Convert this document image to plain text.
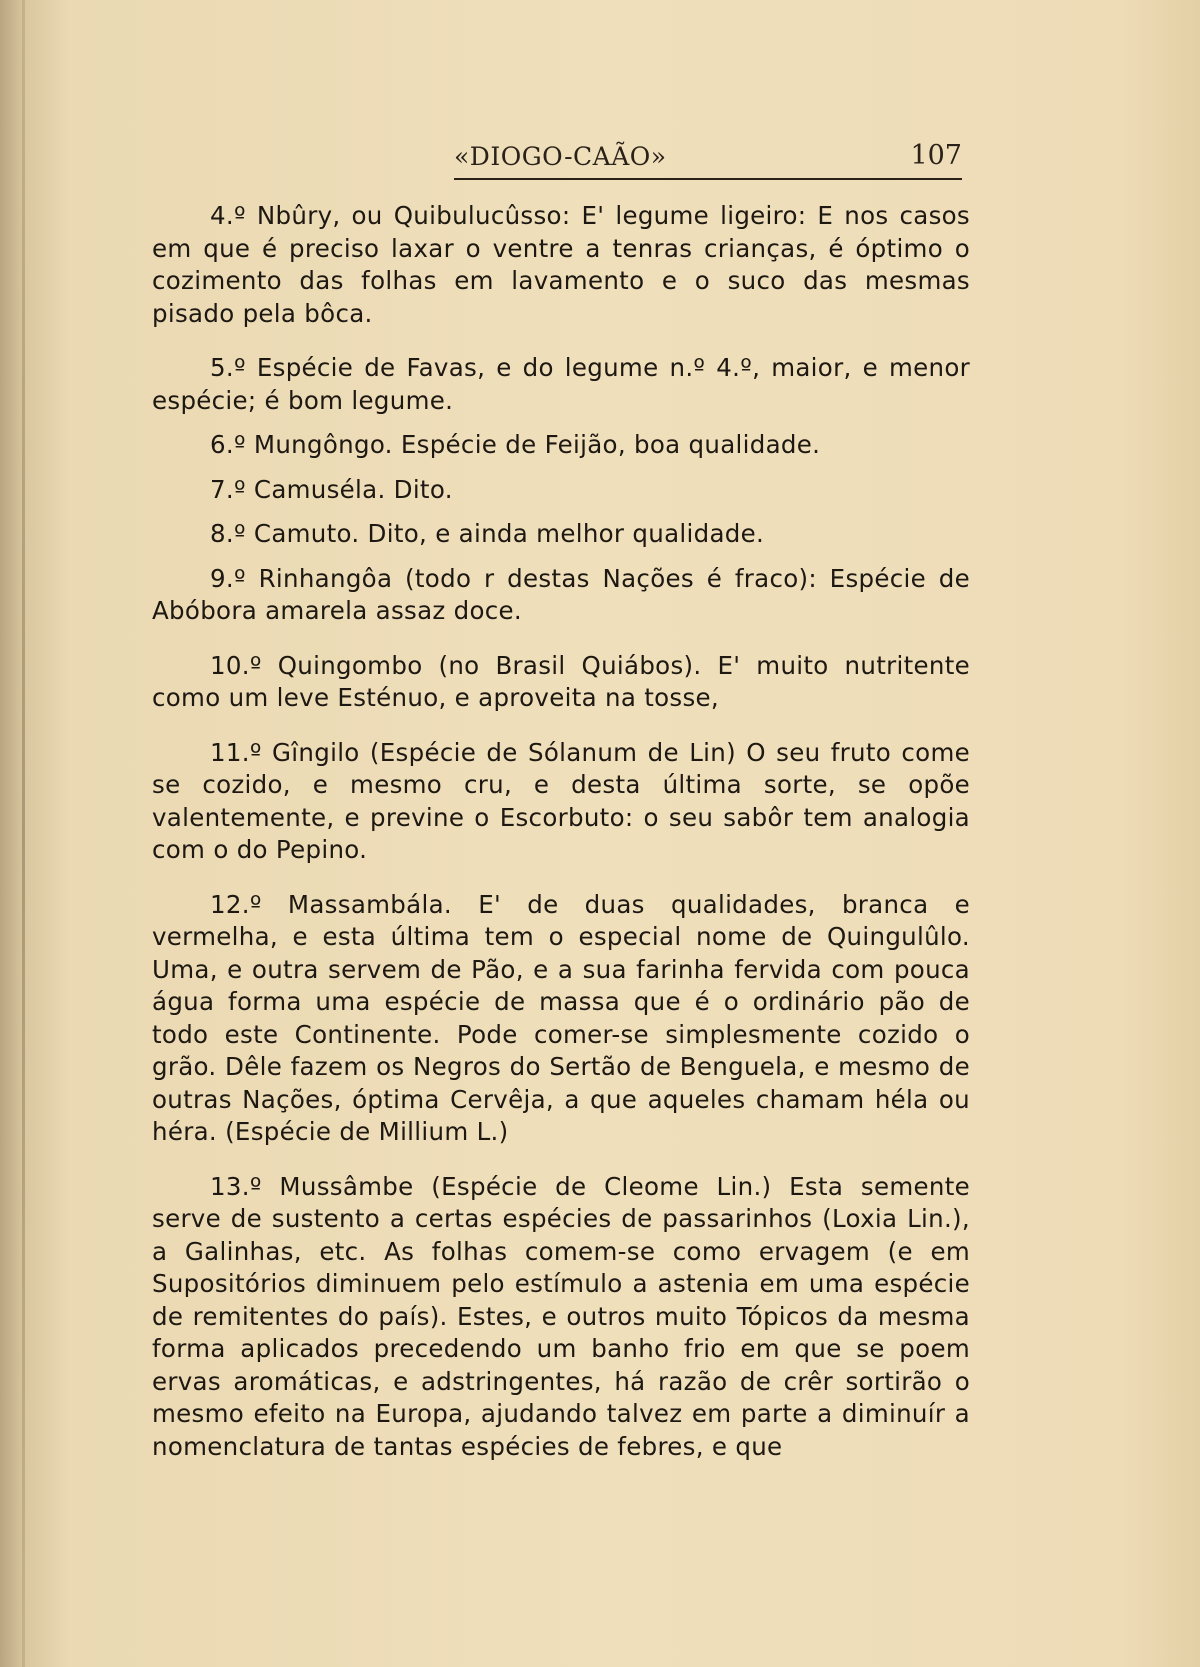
«DIOGO-CAÃO»	107

4.º Nbûry, ou Quibulucûsso: E' legume ligeiro: E nos casos em que é preciso laxar o ventre a tenras crianças, é óptimo o cozimento das folhas em lavamento e o suco das mesmas pisado pela bôca.

5.º Espécie de Favas, e do legume n.º 4.º, maior, e menor espécie; é bom legume.

6.º Mungôngo. Espécie de Feijão, boa qualidade.

7.º Camuséla. Dito.

8.º Camuto. Dito, e ainda melhor qualidade.

9.º Rinhangôa (todo r destas Nações é fraco): Espécie de Abóbora amarela assaz doce.

10.º Quingombo (no Brasil Quiábos). E' muito nutritente como um leve Esténuo, e aproveita na tosse,

11.º Gîngilo (Espécie de Sólanum de Lin) O seu fruto come se cozido, e mesmo cru, e desta última sorte, se opõe valentemente, e previne o Escorbuto: o seu sabôr tem analogia com o do Pepino.

12.º Massambála. E' de duas qualidades, branca e vermelha, e esta última tem o especial nome de Quingulûlo. Uma, e outra servem de Pão, e a sua farinha fervida com pouca água forma uma espécie de massa que é o ordinário pão de todo este Continente. Pode comer-se simplesmente cozido o grão. Dêle fazem os Negros do Sertão de Benguela, e mesmo de outras Nações, óptima Cervêja, a que aqueles chamam héla ou héra. (Espécie de Millium L.)

13.º Mussâmbe (Espécie de Cleome Lin.) Esta semente serve de sustento a certas espécies de passarinhos (Loxia Lin.), a Galinhas, etc. As folhas comem-se como ervagem (e em Supositórios diminuem pelo estímulo a astenia em uma espécie de remitentes do país). Estes, e outros muito Tópicos da mesma forma aplicados precedendo um banho frio em que se poem ervas aromáticas, e adstringentes, há razão de crêr sortirão o mesmo efeito na Europa, ajudando talvez em parte a diminuír a nomenclatura de tantas espécies de febres, e que
